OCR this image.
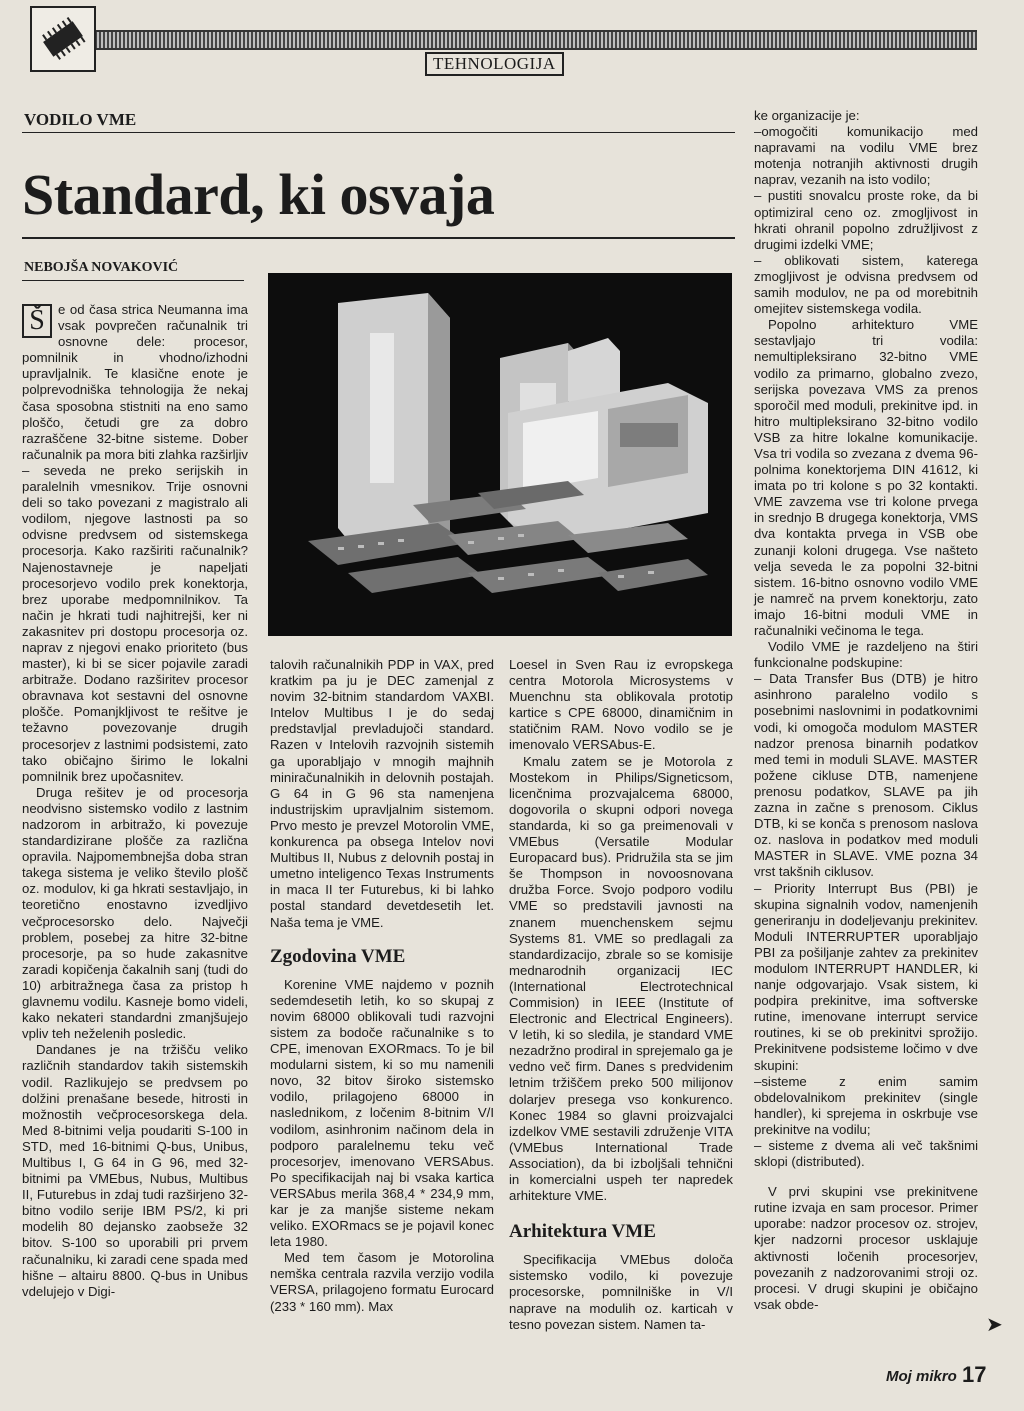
TEHNOLOGIJA
VODILO VME
Standard, ki osvaja
NEBOJŠA NOVAKOVIĆ

Š	e od časa strica Neumanna ima vsak povprečen računalnik tri osnovne dele: procesor, pomnilnik in vhodno/izhodni upravljalnik. Te klasične enote je polprevodniška tehnologija že nekaj časa sposobna stistniti na eno samo ploščo, četudi gre za dobro razraščene 32-bitne sisteme. Dober računalnik pa mora biti zlahka razširljiv – seveda ne preko serijskih in paralelnih vmesnikov. Trije osnovni deli so tako povezani z magistralo ali vodilom, njegove lastnosti pa so odvisne predvsem od sistemskega procesorja. Kako razširiti računalnik? Najenostavneje je napeljati procesorjevo vodilo prek konektorja, brez uporabe medpomnilnikov. Ta način je hkrati tudi najhitrejši, ker ni zakasnitev pri dostopu procesorja oz. naprav z njegovi enako prioriteto (bus master), ki bi se sicer pojavile zaradi arbitraže. Dodano razširitev procesor obravnava kot sestavni del osnovne plošče. Pomanjkljivost te rešitve je težavno povezovanje drugih procesorjev z lastnimi podsistemi, zato tako običajno širimo le lokalni pomnilnik brez upočasnitev.

Druga rešitev je od procesorja neodvisno sistemsko vodilo z lastnim nadzorom in arbitražo, ki povezuje standardizirane plošče za različna opravila. Najpomembnejša doba stran takega sistema je veliko število plošč oz. modulov, ki ga hkrati sestavljajo, in teoretično enostavno izvedljivo večprocesorsko delo. Največji problem, posebej za hitre 32-bitne procesorje, pa so hude zakasnitve zaradi kopičenja čakalnih sanj (tudi do 10) arbitražnega časa za pristop h glavnemu vodilu. Kasneje bomo videli, kako nekateri standardni zmanjšujejo vpliv teh neželenih posledic.

Dandanes je na tržišču veliko različnih standardov takih sistemskih vodil. Razlikujejo se predvsem po dolžini prenašane besede, hitrosti in možnostih večprocesorskega dela. Med 8-bitnimi velja poudariti S-100 in STD, med 16-bitnimi Q-bus, Unibus, Multibus I, G 64 in G 96, med 32-bitnimi pa VMEbus, Nubus, Multibus II, Futurebus in zdaj tudi razširjeno 32-bitno vodilo serije IBM PS/2, ki pri modelih 80 dejansko zaobseže 32 bitov. S-100 so uporabili pri prvem računalniku, ki zaradi cene spada med hišne – altairu 8800. Q-bus in Unibus vdelujejo v Digi-

talovih računalnikih PDP in VAX, pred kratkim pa ju je DEC zamenjal z novim 32-bitnim standardom VAXBI. Intelov Multibus I je do sedaj predstavljal prevladujoči standard. Razen v Intelovih razvojnih sistemih ga uporabljajo v mnogih majhnih miniračunalnikih in delovnih postajah. G 64 in G 96 sta namenjena industrijskim upravljalnim sistemom. Prvo mesto je prevzel Motorolin VME, konkurenca pa obsega Intelov novi Multibus II, Nubus z delovnih postaj in umetno inteligenco Texas Instruments in maca II ter Futurebus, ki bi lahko postal standard devetdesetih let. Naša tema je VME.

Zgodovina VME

Korenine VME najdemo v poznih sedemdesetih letih, ko so skupaj z novim 68000 oblikovali tudi razvojni sistem za bodoče računalnike s to CPE, imenovan EXORmacs. To je bil modularni sistem, ki so mu namenili novo, 32 bitov široko sistemsko vodilo, prilagojeno 68000 in naslednikom, z ločenim 8-bitnim V/I vodilom, asinhronim načinom dela in podporo paralelnemu teku več procesorjev, imenovano VERSAbus. Po specifikacijah naj bi vsaka kartica VERSAbus merila 368,4 * 234,9 mm, kar je za manjše sisteme nekam veliko. EXORmacs se je pojavil konec leta 1980.

Med tem časom je Motorolina nemška centrala razvila verzijo vodila VERSA, prilagojeno formatu Eurocard (233 * 160 mm). Max

Loesel in Sven Rau iz evropskega centra Motorola Microsystems v Muenchnu sta oblikovala prototip kartice s CPE 68000, dinamičnim in statičnim RAM. Novo vodilo se je imenovalo VERSAbus-E.

Kmalu zatem se je Motorola z Mostekom in Philips/Signeticsom, licenčnima prozvajalcema 68000, dogovorila o skupni odpori novega standarda, ki so ga preimenovali v VMEbus (Versatile Modular Europacard bus). Pridružila sta se jim še Thompson in novoosnovana družba Force. Svojo podporo vodilu VME so predstavili javnosti na znanem muenchenskem sejmu Systems 81. VME so predlagali za standardizacijo, zbrale so se komisije mednarodnih organizacij IEC (International Electrotechnical Commision) in IEEE (Institute of Electronic and Electrical Engineers). V letih, ki so sledila, je standard VME nezadržno prodiral in sprejemalo ga je vedno več firm. Danes s predvidenim letnim tržiščem preko 500 milijonov dolarjev presega vso konkurenco. Konec 1984 so glavni proizvajalci izdelkov VME sestavili združenje VITA (VMEbus International Trade Association), da bi izboljšali tehnični in komercialni uspeh ter napredek arhitekture VME.

Arhitektura VME

Specifikacija VMEbus določa sistemsko vodilo, ki povezuje procesorske, pomnilniške in V/I naprave na modulih oz. karticah v tesno povezan sistem. Namen ta-

ke organizacije je:

–omogočiti komunikacijo med napravami na vodilu VME brez motenja notranjih aktivnosti drugih naprav, vezanih na isto vodilo;

– pustiti snovalcu proste roke, da bi optimiziral ceno oz. zmogljivost in hkrati ohranil popolno združljivost z drugimi izdelki VME;

– oblikovati sistem, katerega zmogljivost je odvisna predvsem od samih modulov, ne pa od morebitnih omejitev sistemskega vodila.

Popolno arhitekturo VME sestavljajo tri vodila: nemultipleksirano 32-bitno VME vodilo za primarno, globalno zvezo, serijska povezava VMS za prenos sporočil med moduli, prekinitve ipd. in hitro multipleksirano 32-bitno vodilo VSB za hitre lokalne komunikacije. Vsa tri vodila so zvezana z dvema 96-polnima konektorjema DIN 41612, ki imata po tri kolone s po 32 kontakti. VME zavzema vse tri kolone prvega in srednjo B drugega konektorja, VMS dva kontakta prvega in VSB obe zunanji koloni drugega. Vse našteto velja seveda le za popolni 32-bitni sistem. 16-bitno osnovno vodilo VME je namreč na prvem konektorju, zato imajo 16-bitni moduli VME in računalniki večinoma le tega.

Vodilo VME je razdeljeno na štiri funkcionalne podskupine:

– Data Transfer Bus (DTB) je hitro asinhrono paralelno vodilo s posebnimi naslovnimi in podatkovnimi vodi, ki omogoča modulom MASTER nadzor prenosa binarnih podatkov med temi in moduli SLAVE. MASTER požene cikluse DTB, namenjene prenosu podatkov, SLAVE pa jih zazna in začne s prenosom. Ciklus DTB, ki se konča s prenosom naslova oz. naslova in podatkov med moduli MASTER in SLAVE. VME pozna 34 vrst takšnih ciklusov.

– Priority Interrupt Bus (PBI) je skupina signalnih vodov, namenjenih generiranju in dodeljevanju prekinitev. Moduli INTERRUPTER uporabljajo PBI za pošiljanje zahtev za prekinitev modulom INTERRUPT HANDLER, ki nanje odgovarjajo. Vsak sistem, ki podpira prekinitve, ima softverske rutine, imenovane interrupt service routines, ki se ob prekinitvi sprožijo. Prekinitvene podsisteme ločimo v dve skupini:

–sisteme z enim samim obdelovalnikom prekinitev (single handler), ki sprejema in oskrbuje vse prekinitve na vodilu;

– sisteme z dvema ali več takšnimi sklopi (distributed).

V prvi skupini vse prekinitvene rutine izvaja en sam procesor. Primer uporabe: nadzor procesov oz. strojev, kjer nadzorni procesor usklajuje aktivnosti ločenih procesorjev, povezanih z nadzorovanimi stroji oz. procesi. V drugi skupini je običajno vsak obde-

➤
Moj mikro 17
